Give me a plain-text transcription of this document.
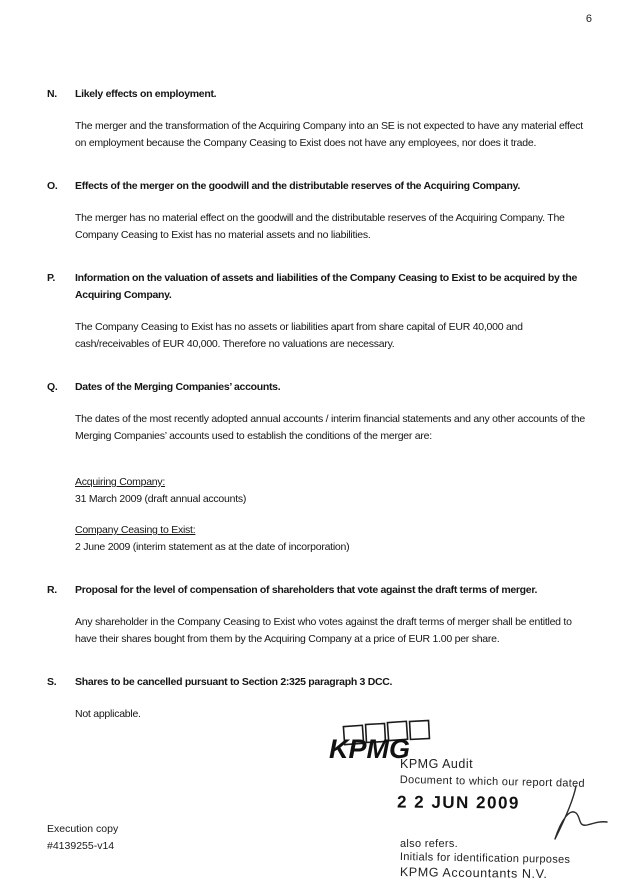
6
N.	Likely effects on employment.

The merger and the transformation of the Acquiring Company into an SE is not expected to have any material effect on employment because the Company Ceasing to Exist does not have any employees, nor does it trade.

O.	Effects of the merger on the goodwill and the distributable reserves of the Acquiring Company.

The merger has no material effect on the goodwill and the distributable reserves of the Acquiring Company. The Company Ceasing to Exist has no material assets and no liabilities.

P.	Information on the valuation of assets and liabilities of the Company Ceasing to Exist to be acquired by the Acquiring Company.

The Company Ceasing to Exist has no assets or liabilities apart from share capital of EUR 40,000 and cash/receivables of EUR 40,000. Therefore no valuations are necessary.

Q.	Dates of the Merging Companies’ accounts.

The dates of the most recently adopted annual accounts / interim financial statements and any other accounts of the Merging Companies’ accounts used to establish the conditions of the merger are:

Acquiring Company:
31 March 2009 (draft annual accounts)
Company Ceasing to Exist:
2 June 2009 (interim statement as at the date of incorporation)
R.	Proposal for the level of compensation of shareholders that vote against the draft terms of merger.

Any shareholder in the Company Ceasing to Exist who votes against the draft terms of merger shall be entitled to have their shares bought from them by the Acquiring Company at a price of EUR 1.00 per share.

S.	Shares to be cancelled pursuant to Section 2:325 paragraph 3 DCC.

Not applicable.

KPMG
KPMG Audit
Document to which our report dated
2 2 JUN 2009
also refers.
Initials for identification purposes
KPMG Accountants N.V.
Execution copy
#4139255-v14
